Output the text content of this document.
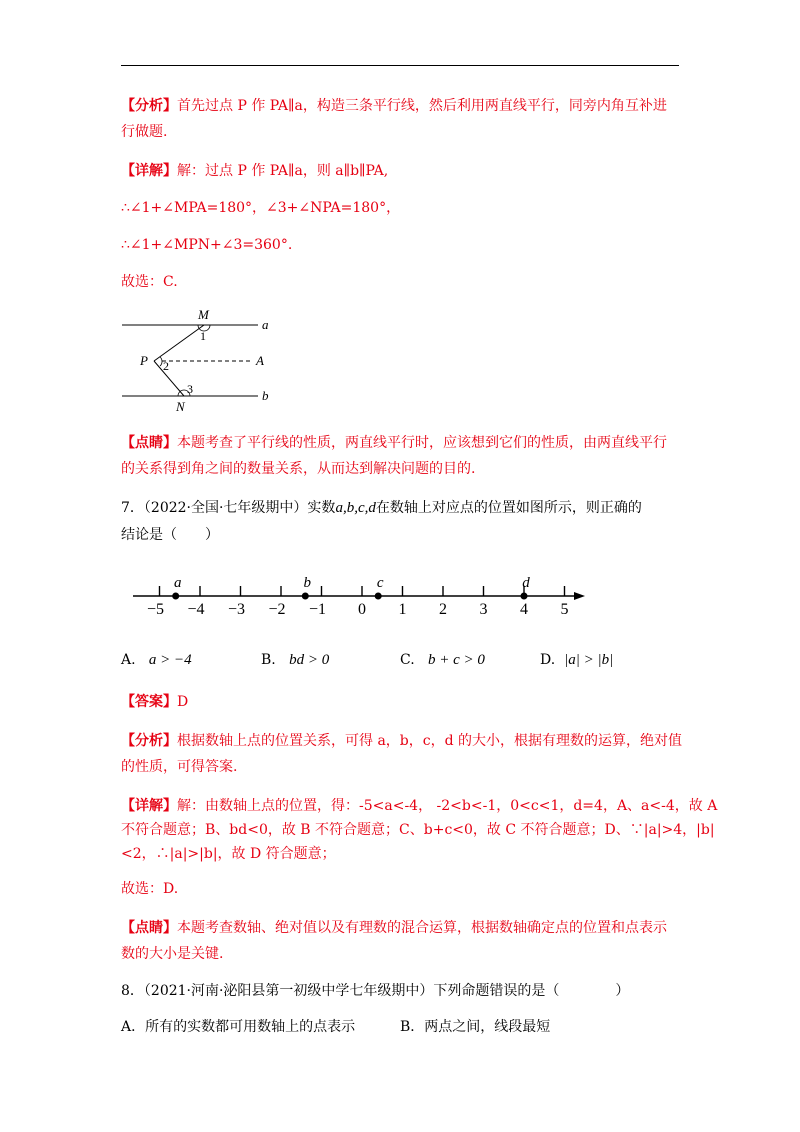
【分析】首先过点 P 作 PA∥a，构造三条平行线，然后利用两直线平行，同旁内角互补进
行做题.
【详解】解：过点 P 作 PA∥a，则 a∥b∥PA,
∴∠1+∠MPA=180°，∠3+∠NPA=180°，
∴∠1+∠MPN+∠3=360°.
故选：C.
M
a
1
P 2	A
3
N
b
【点睛】本题考查了平行线的性质，两直线平行时，应该想到它们的性质，由两直线平行
的关系得到角之间的数量关系，从而达到解决问题的目的.
7．（2022·全国·七年级期中）实数a,b,c,d在数轴上对应点的位置如图所示，则正确的
结论是（　　）
−5 −4 −3 −2 −1 0 1 2 3 4 5
a	b	c	d
A. a > −4	B. bd > 0	C. b + c > 0	D. |a| > |b|
【答案】D
【分析】根据数轴上点的位置关系，可得 a，b，c，d 的大小，根据有理数的运算，绝对值
的性质，可得答案.
【详解】解：由数轴上点的位置，得：-5<a<-4， -2<b<-1，0<c<1，d=4，A、a<-4，故 A
不符合题意；B、bd<0，故 B 不符合题意；C、b+c<0，故 C 不符合题意；D、∵|a|>4，|b|
<2，∴|a|>|b|，故 D 符合题意；
故选：D.
【点睛】本题考查数轴、绝对值以及有理数的混合运算，根据数轴确定点的位置和点表示
数的大小是关键.
8．（2021·河南·泌阳县第一初级中学七年级期中）下列命题错误的是（　　　　）
A．所有的实数都可用数轴上的点表示	B．两点之间，线段最短
